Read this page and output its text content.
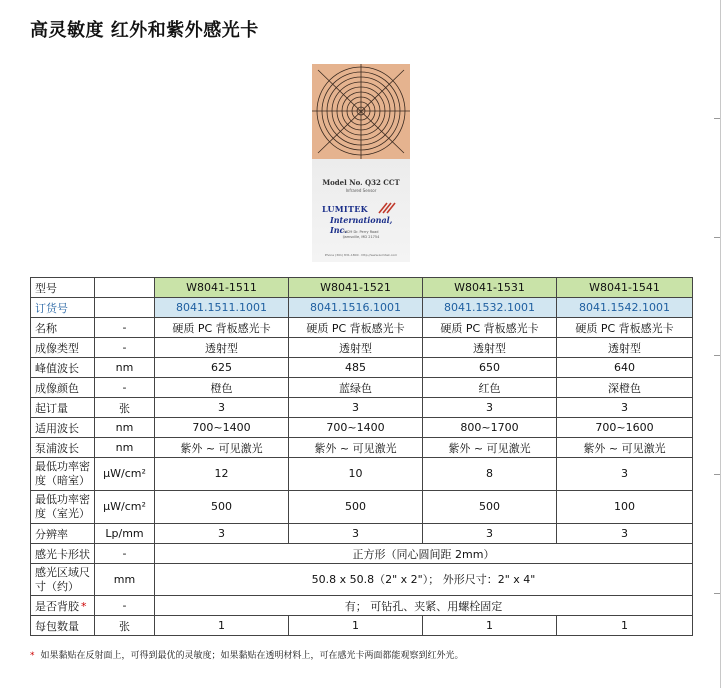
高灵敏度 红外和紫外感光卡
Model No. Q32 CCT
Infrared Sensor
LUMITEK
International, Inc.
9629 Dr. Perry Road
Ijamsville, MD 21754
Phone (301) 831-1800 · http://www.lumitek.com
型号		W8041-1511	W8041-1521	W8041-1531	W8041-1541
订货号		8041.1511.1001	8041.1516.1001	8041.1532.1001	8041.1542.1001
名称	-	硬质 PC 背板感光卡	硬质 PC 背板感光卡	硬质 PC 背板感光卡	硬质 PC 背板感光卡
成像类型	-	透射型	透射型	透射型	透射型
峰值波长	nm	625	485	650	640
成像颜色	-	橙色	蓝绿色	红色	深橙色
起订量	张	3	3	3	3
适用波长	nm	700~1400	700~1400	800~1700	700~1600
泵浦波长	nm	紫外 ~ 可见激光	紫外 ~ 可见激光	紫外 ~ 可见激光	紫外 ~ 可见激光
最低功率密度（暗室）	μW/cm²	12	10	8	3
最低功率密度（室光）	μW/cm²	500	500	500	100
分辨率	Lp/mm	3	3	3	3
感光卡形状	-	正方形（同心圆间距 2mm）			
感光区域尺寸（约）	mm	50.8 x 50.8（2" x 2"）； 外形尺寸：2" x 4"			
是否背胶 *	-	有； 可钻孔、夹紧、用螺栓固定			
每包数量	张	1	1	1	1
* 如果黏贴在反射面上，可得到最优的灵敏度；如果黏贴在透明材料上，可在感光卡两面都能观察到红外光。
